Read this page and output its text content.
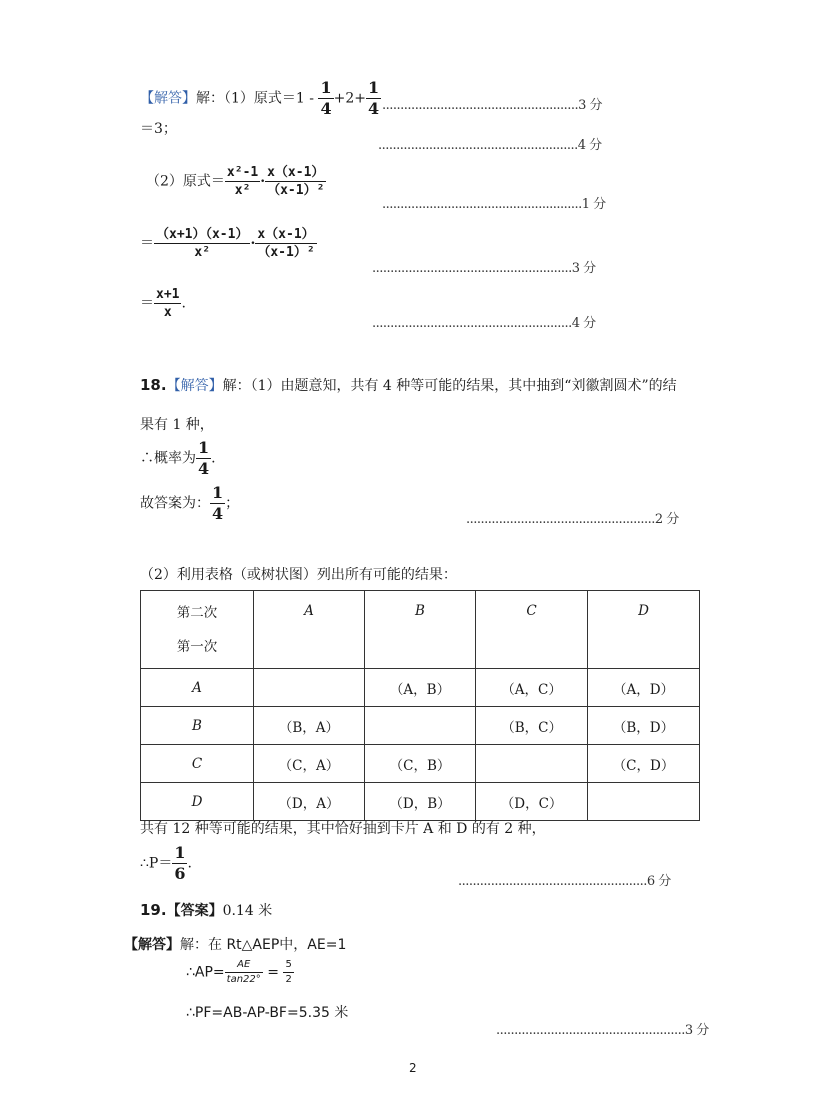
【解答】解：（1）原式$=1 - \frac{1}{4} +2+ \frac{1}{4} ......................................................3$ 分
＝3；
.......................................................4 分
（2）原式＝ $\frac{\text{x²-1}}{\text{x²}} \cdot \frac{x(x-1)}{\text{（x-1）²}}$
.......................................................1 分
＝ $\frac{(x+1)(x-1)}{\text{x²}} \cdot \frac{x(x-1)}{\text{（x-1）²}}$
.......................................................3 分
＝ $\frac{x+1}{x}$ .
.......................................................4 分
18.【解答】解：（1）由题意知，共有 4 种等可能的结果，其中抽到“刘徽割圆术”的结
果有 1 种，
∴概率为 $\frac{1}{4}$ .
故答案为： $\frac{1}{4}$ ；
....................................................2 分
（2）利用表格（或树状图）列出所有可能的结果：
第二次
第一次	A	B	C	D
A		（A，B）	（A，C）	（A，D）
B	（B，A）		（B，C）	（B，D）
C	（C，A）	（C，B）		（C，D）
D	（D，A）	（D，B）	（D，C）	
共有 12 种等可能的结果，其中恰好抽到卡片 A 和 D 的有 2 种，
∴P＝ $\frac{1}{6}$ .
....................................................6 分
19.【答案】0.14 米
【解答】解：在 Rt△AEP中，AE=1
∴AP= $\frac{AE}{\tan 22^\circ} = \frac{5}{2}$
∴PF=AB-AP-BF=5.35 米
....................................................3 分
2
